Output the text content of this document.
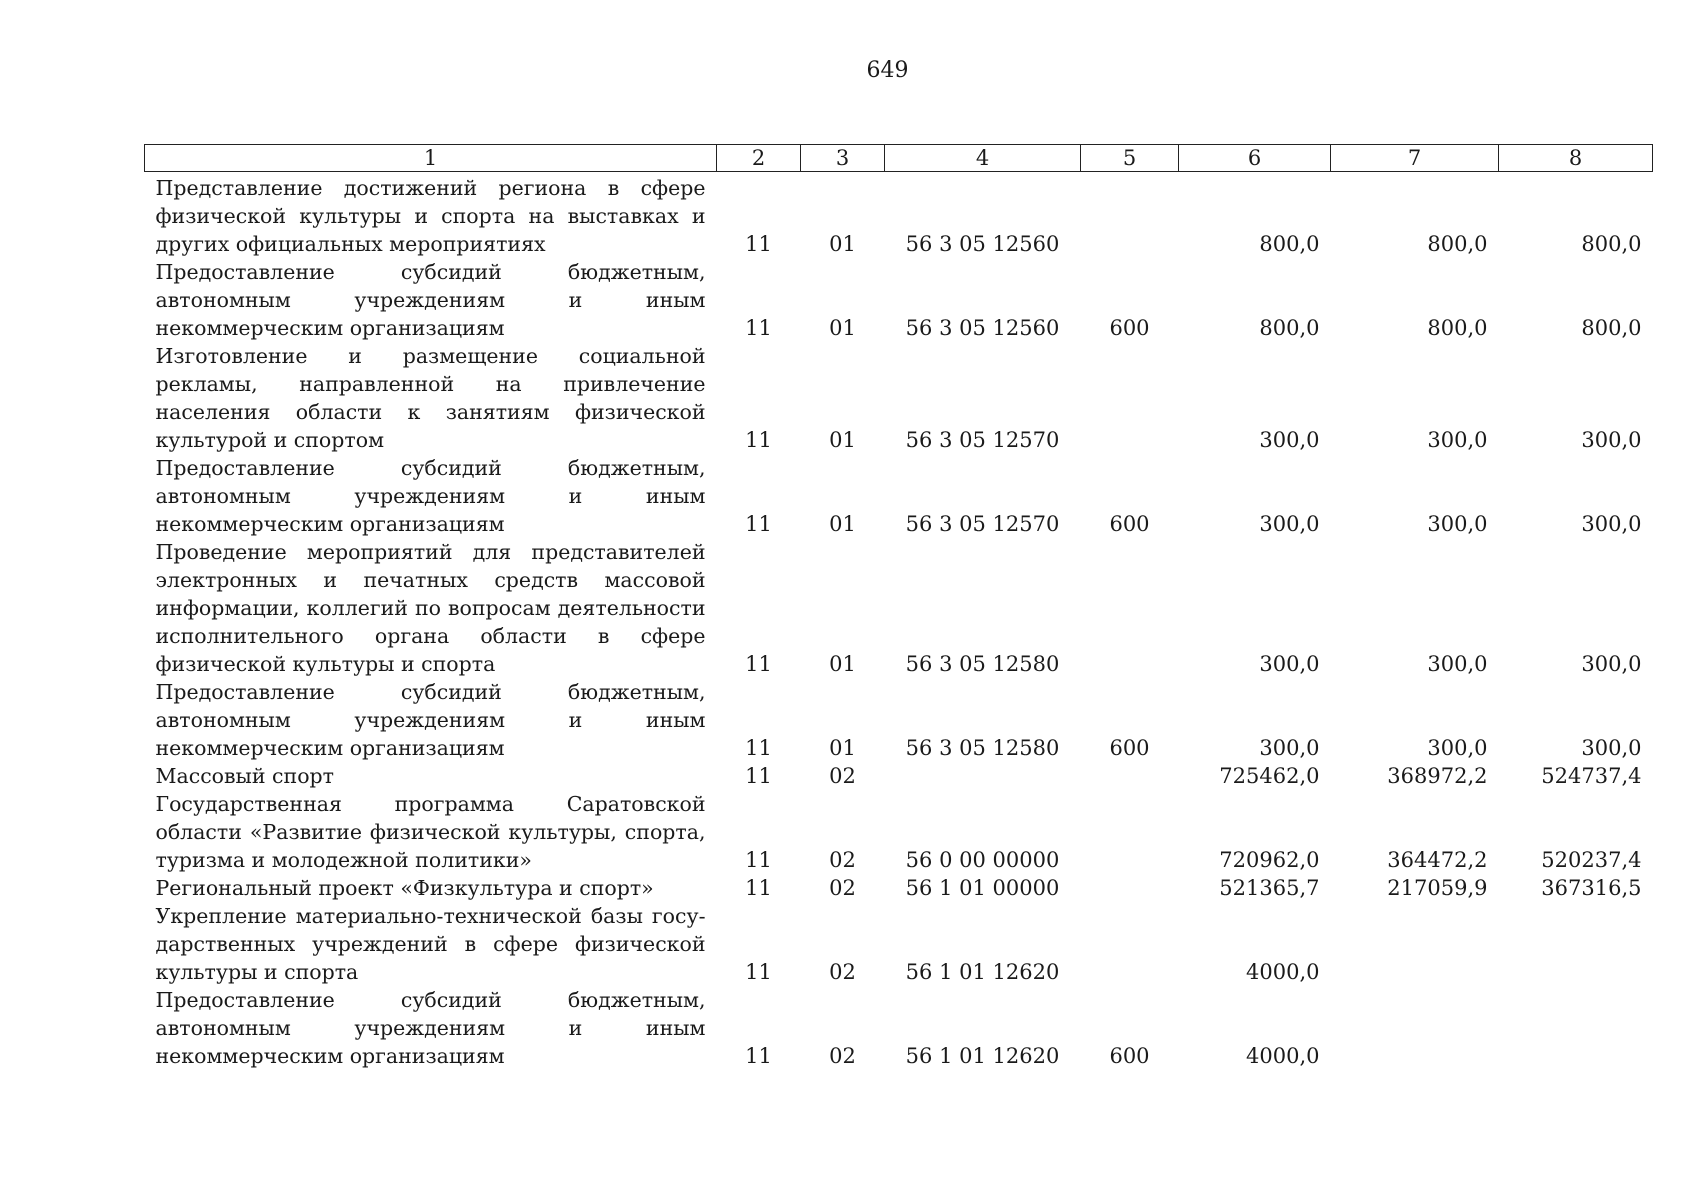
649
1	2	3	4	5	6	7	8
Представление достижений региона в сфере физической культуры и спорта на выставках и других официальных мероприятиях	11	01	56 3 05 12560		800,0	800,0	800,0
Предоставление субсидий бюджетным, автономным учреждениям и иным некоммерческим организациям	11	01	56 3 05 12560	600	800,0	800,0	800,0
Изготовление и размещение социальной рекламы, направленной на привлечение населения области к занятиям физической культурой и спортом	11	01	56 3 05 12570		300,0	300,0	300,0
Предоставление субсидий бюджетным, автономным учреждениям и иным некоммерческим организациям	11	01	56 3 05 12570	600	300,0	300,0	300,0
Проведение мероприятий для представителей электронных и печатных средств массовой информации, коллегий по вопросам деятельности исполнительного органа области в сфере физической культуры и спорта	11	01	56 3 05 12580		300,0	300,0	300,0
Предоставление субсидий бюджетным, автономным учреждениям и иным некоммерческим организациям	11	01	56 3 05 12580	600	300,0	300,0	300,0
Массовый спорт	11	02			725462,0	368972,2	524737,4
Государственная программа Саратовской области «Развитие физической культуры, спорта, туризма и молодежной политики»	11	02	56 0 00 00000		720962,0	364472,2	520237,4
Региональный проект «Физкультура и спорт»	11	02	56 1 01 00000		521365,7	217059,9	367316,5
Укрепление материально-технической базы государственных учреждений в сфере физической культуры и спорта	11	02	56 1 01 12620		4000,0		
Предоставление субсидий бюджетным, автономным учреждениям и иным некоммерческим организациям	11	02	56 1 01 12620	600	4000,0		
